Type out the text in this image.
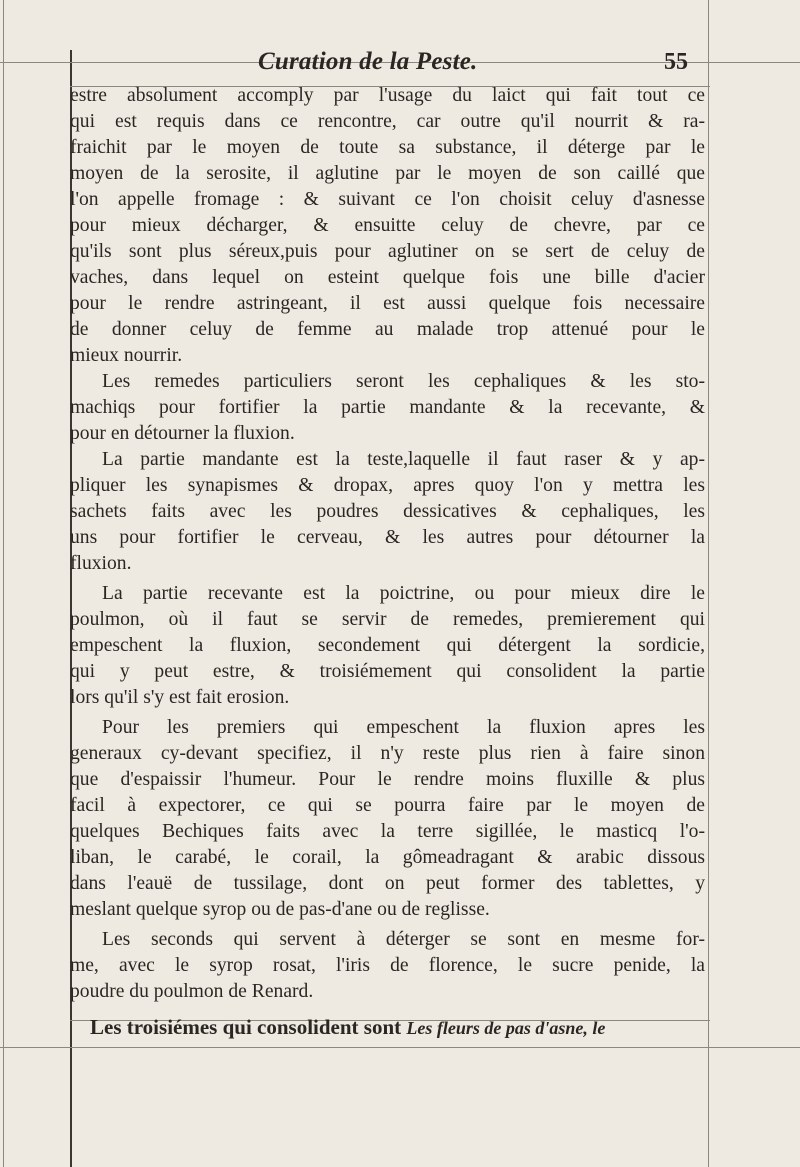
Curation de la Peste.	55
estre absolument accomply par l'usage du laict qui fait tout ce
qui est requis dans ce rencontre, car outre qu'il nourrit & ra-
fraichit par le moyen de toute sa substance, il déterge par le
moyen de la serosite, il aglutine par le moyen de son caillé que
l'on appelle fromage : & suivant ce l'on choisit celuy d'asnesse
pour mieux décharger, & ensuitte celuy de chevre, par ce
qu'ils sont plus séreux,puis pour aglutiner on se sert de celuy de
vaches, dans lequel on esteint quelque fois une bille d'acier
pour le rendre astringeant, il est aussi quelque fois necessaire
de donner celuy de femme au malade trop attenué pour le
mieux nourrir.
Les remedes particuliers seront les cephaliques & les sto-
machiqs pour fortifier la partie mandante & la recevante, &
pour en détourner la fluxion.
La partie mandante est la teste,laquelle il faut raser & y ap-
pliquer les synapismes & dropax, apres quoy l'on y mettra les
sachets faits avec les poudres dessicatives & cephaliques, les
uns pour fortifier le cerveau, & les autres pour détourner la
fluxion.
La partie recevante est la poictrine, ou pour mieux dire le
poulmon, où il faut se servir de remedes, premierement qui
empeschent la fluxion, secondement qui détergent la sordicie,
qui y peut estre, & troisiémement qui consolident la partie
lors qu'il s'y est fait erosion.
Pour les premiers qui empeschent la fluxion apres les
generaux cy-devant specifiez, il n'y reste plus rien à faire sinon
que d'espaissir l'humeur. Pour le rendre moins fluxille & plus
facil à expectorer, ce qui se pourra faire par le moyen de
quelques Bechiques faits avec la terre sigillée, le masticq l'o-
liban, le carabé, le corail, la gômeadragant & arabic dissous
dans l'eauë de tussilage, dont on peut former des tablettes, y
meslant quelque syrop ou de pas-d'ane ou de reglisse.
Les seconds qui servent à déterger se sont en mesme for-
me, avec le syrop rosat, l'iris de florence, le sucre penide, la
poudre du poulmon de Renard.
Les troisiémes qui consolident sont Les fleurs de pas d'asne, le
